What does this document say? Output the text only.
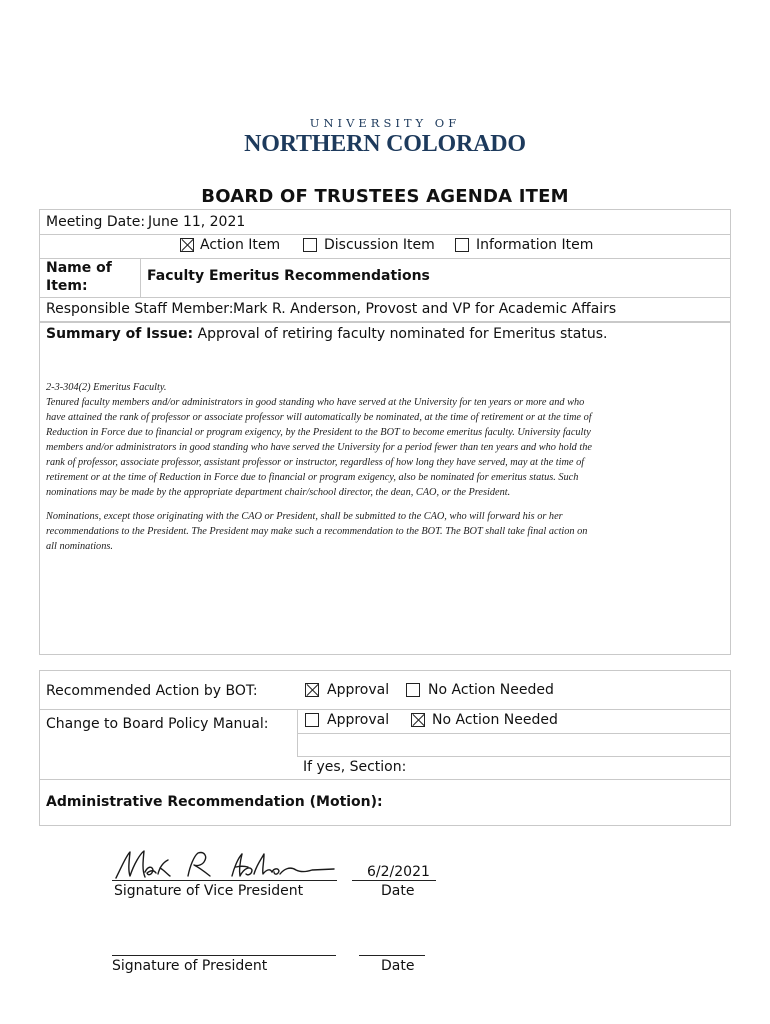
UNIVERSITY OF
NORTHERN COLORADO
BOARD OF TRUSTEES AGENDA ITEM
Meeting Date: June 11, 2021
Action Item	Discussion Item	Information Item
Name of
Item:
Faculty Emeritus Recommendations
Responsible Staff Member: Mark R. Anderson, Provost and VP for Academic Affairs
Summary of Issue: Approval of retiring faculty nominated for Emeritus status.

2-3-304(2) Emeritus Faculty.
Tenured faculty members and/or administrators in good standing who have served at the University for ten years or more and who
have attained the rank of professor or associate professor will automatically be nominated, at the time of retirement or at the time of
Reduction in Force due to financial or program exigency, by the President to the BOT to become emeritus faculty. University faculty
members and/or administrators in good standing who have served the University for a period fewer than ten years and who hold the
rank of professor, associate professor, assistant professor or instructor, regardless of how long they have served, may at the time of
retirement or at the time of Reduction in Force due to financial or program exigency, also be nominated for emeritus status. Such
nominations may be made by the appropriate department chair/school director, the dean, CAO, or the President.

Nominations, except those originating with the CAO or President, shall be submitted to the CAO, who will forward his or her
recommendations to the President. The President may make such a recommendation to the BOT. The BOT shall take final action on
all nominations.

Recommended Action by BOT:	Approval	No Action Needed
Change to Board Policy Manual:	Approval	No Action Needed
If yes, Section:
Administrative Recommendation (Motion):
Signature of Vice President
6/2/2021
Date
Signature of President	Date
